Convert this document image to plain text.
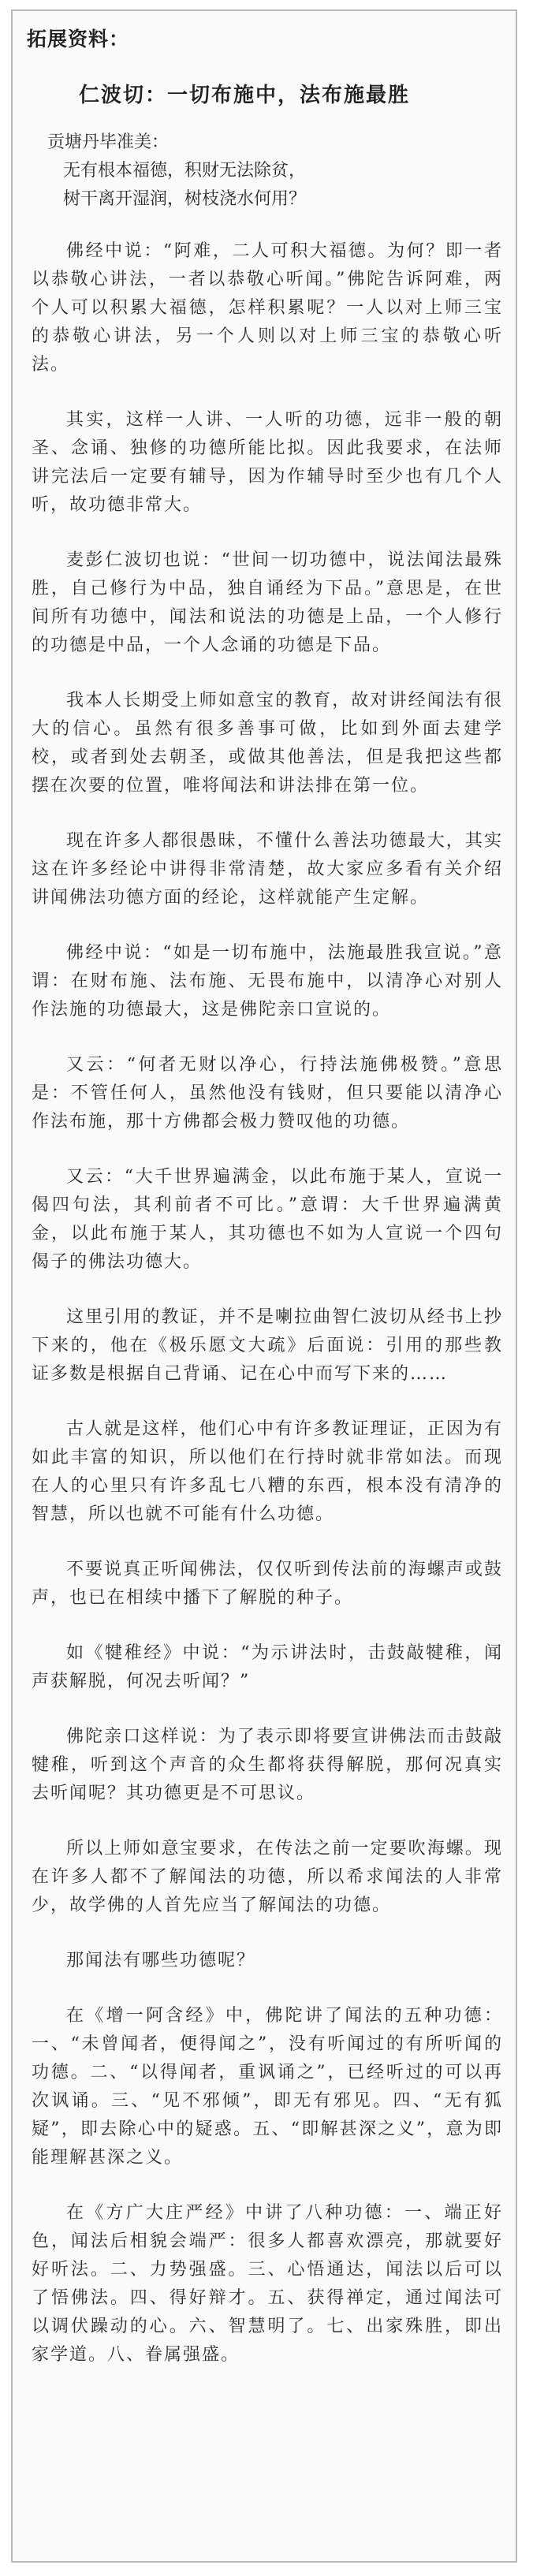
拓展资料：
仁波切：一切布施中，法布施最胜
贡塘丹毕准美：
无有根本福德，积财无法除贫，
树干离开湿润，树枝浇水何用？

佛经中说：“阿难，二人可积大福德。为何？即一者以恭敬心讲法，一者以恭敬心听闻。”佛陀告诉阿难，两个人可以积累大福德，怎样积累呢？一人以对上师三宝的恭敬心讲法，另一个人则以对上师三宝的恭敬心听法。

其实，这样一人讲、一人听的功德，远非一般的朝圣、念诵、独修的功德所能比拟。因此我要求，在法师讲完法后一定要有辅导，因为作辅导时至少也有几个人听，故功德非常大。

麦彭仁波切也说：“世间一切功德中，说法闻法最殊胜，自己修行为中品，独自诵经为下品。”意思是，在世间所有功德中，闻法和说法的功德是上品，一个人修行的功德是中品，一个人念诵的功德是下品。

我本人长期受上师如意宝的教育，故对讲经闻法有很大的信心。虽然有很多善事可做，比如到外面去建学校，或者到处去朝圣，或做其他善法，但是我把这些都摆在次要的位置，唯将闻法和讲法排在第一位。

现在许多人都很愚昧，不懂什么善法功德最大，其实这在许多经论中讲得非常清楚，故大家应多看有关介绍讲闻佛法功德方面的经论，这样就能产生定解。

佛经中说：“如是一切布施中，法施最胜我宣说。”意谓：在财布施、法布施、无畏布施中，以清净心对别人作法施的功德最大，这是佛陀亲口宣说的。

又云：“何者无财以净心，行持法施佛极赞。”意思是：不管任何人，虽然他没有钱财，但只要能以清净心作法布施，那十方佛都会极力赞叹他的功德。

又云：“大千世界遍满金，以此布施于某人，宣说一偈四句法，其利前者不可比。”意谓：大千世界遍满黄金，以此布施于某人，其功德也不如为人宣说一个四句偈子的佛法功德大。

这里引用的教证，并不是喇拉曲智仁波切从经书上抄下来的，他在《极乐愿文大疏》后面说：引用的那些教证多数是根据自己背诵、记在心中而写下来的……

古人就是这样，他们心中有许多教证理证，正因为有如此丰富的知识，所以他们在行持时就非常如法。而现在人的心里只有许多乱七八糟的东西，根本没有清净的智慧，所以也就不可能有什么功德。

不要说真正听闻佛法，仅仅听到传法前的海螺声或鼓声，也已在相续中播下了解脱的种子。

如《犍稚经》中说：“为示讲法时，击鼓敲犍稚，闻声获解脱，何况去听闻？”

佛陀亲口这样说：为了表示即将要宣讲佛法而击鼓敲犍稚，听到这个声音的众生都将获得解脱，那何况真实去听闻呢？其功德更是不可思议。

所以上师如意宝要求，在传法之前一定要吹海螺。现在许多人都不了解闻法的功德，所以希求闻法的人非常少，故学佛的人首先应当了解闻法的功德。

那闻法有哪些功德呢？

在《增一阿含经》中，佛陀讲了闻法的五种功德：一、“未曾闻者，便得闻之”，没有听闻过的有所听闻的功德。二、“以得闻者，重讽诵之”，已经听过的可以再次讽诵。三、“见不邪倾”，即无有邪见。四、“无有狐疑”，即去除心中的疑惑。五、“即解甚深之义”，意为即能理解甚深之义。

在《方广大庄严经》中讲了八种功德：一、端正好色，闻法后相貌会端严：很多人都喜欢漂亮，那就要好好听法。二、力势强盛。三、心悟通达，闻法以后可以了悟佛法。四、得好辩才。五、获得禅定，通过闻法可以调伏躁动的心。六、智慧明了。七、出家殊胜，即出家学道。八、眷属强盛。
